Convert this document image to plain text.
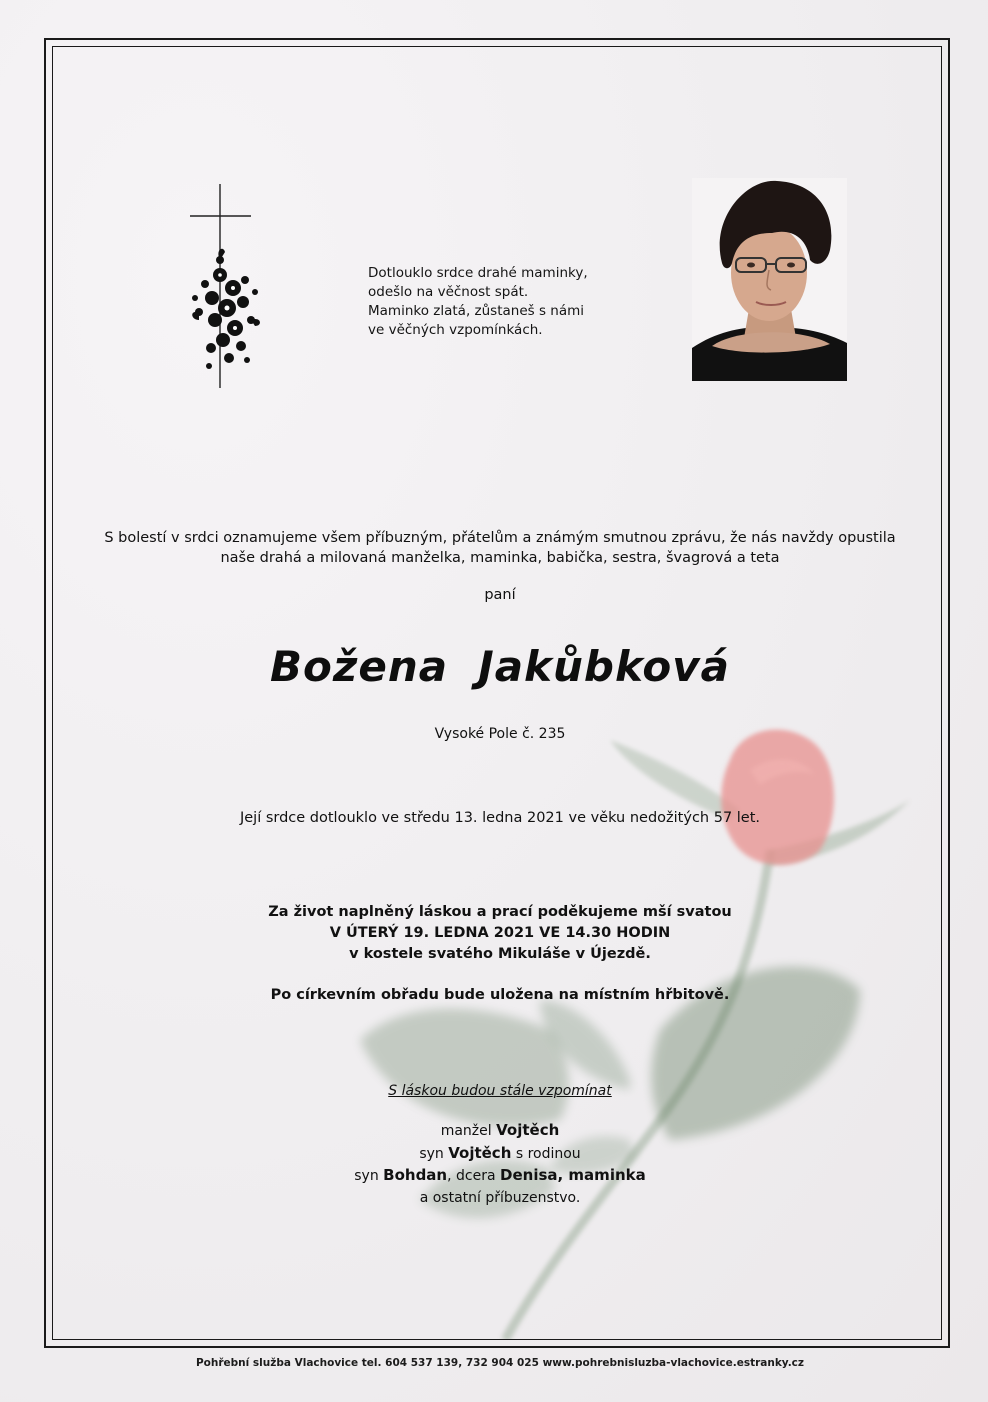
Dotlouklo srdce drahé maminky,
odešlo na věčnost spát.
Maminko zlatá, zůstaneš s námi
ve věčných vzpomínkách.
S bolestí v srdci oznamujeme všem příbuzným, přátelům a známým smutnou zprávu, že nás navždy opustila
naše drahá a milovaná manželka, maminka, babička, sestra, švagrová a teta
paní
Božena Jakůbková
Vysoké Pole č. 235
Její srdce dotlouklo ve středu 13. ledna 2021 ve věku nedožitých 57 let.
Za život naplněný láskou a prací poděkujeme mší svatou
V ÚTERÝ 19. LEDNA 2021 VE 14.30 HODIN
v kostele svatého Mikuláše v Újezdě.
Po církevním obřadu bude uložena na místním hřbitově.
S láskou budou stále vzpomínat
manžel Vojtěch
syn Vojtěch s rodinou
syn Bohdan, dcera Denisa, maminka
a ostatní příbuzenstvo.
Pohřební služba Vlachovice tel. 604 537 139, 732 904 025 www.pohrebnisluzba-vlachovice.estranky.cz
